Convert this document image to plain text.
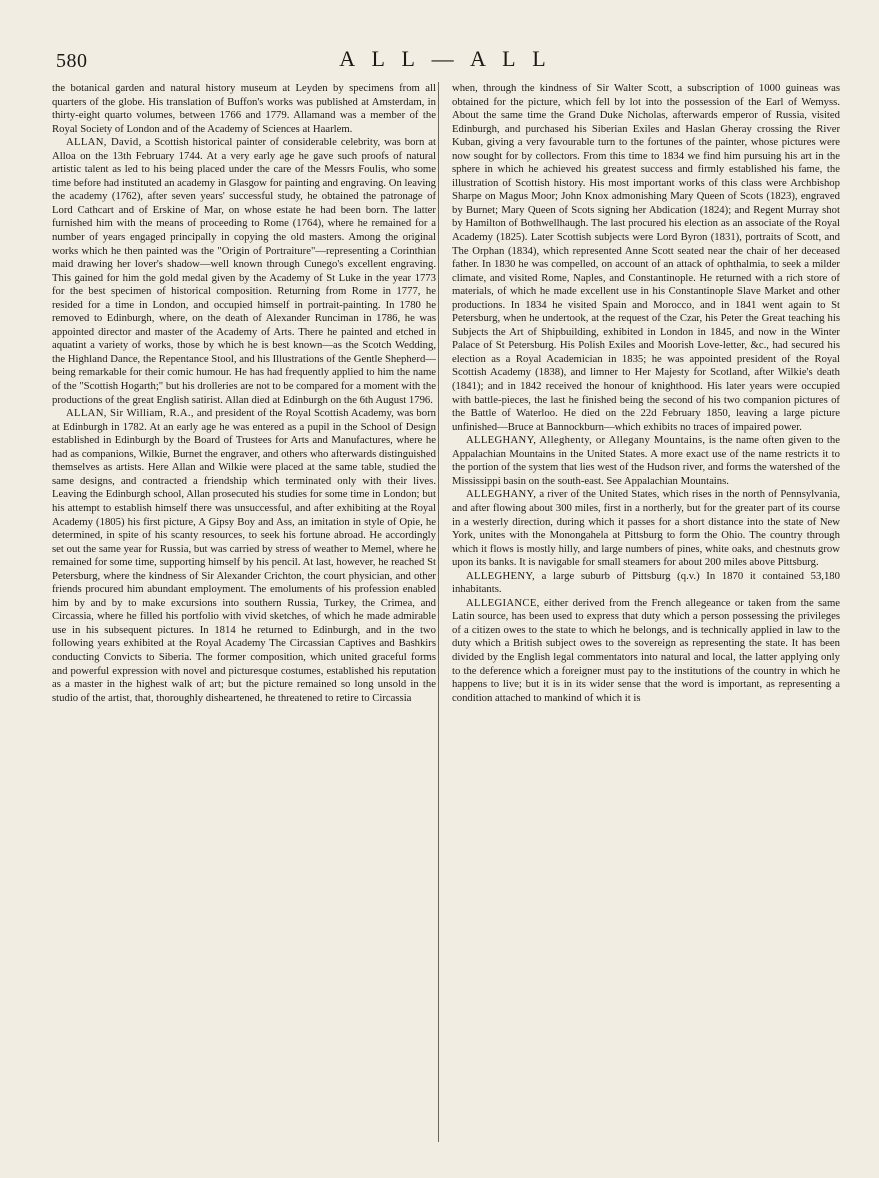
580	A L L — A L L

the botanical garden and natural history museum at Leyden by specimens from all quarters of the globe. His translation of Buffon's works was published at Amsterdam, in thirty-eight quarto volumes, between 1766 and 1779. Allamand was a member of the Royal Society of London and of the Academy of Sciences at Haarlem.

ALLAN, David, a Scottish historical painter of considerable celebrity, was born at Alloa on the 13th February 1744. At a very early age he gave such proofs of natural artistic talent as led to his being placed under the care of the Messrs Foulis, who some time before had instituted an academy in Glasgow for painting and engraving. On leaving the academy (1762), after seven years' successful study, he obtained the patronage of Lord Cathcart and of Erskine of Mar, on whose estate he had been born. The latter furnished him with the means of proceeding to Rome (1764), where he remained for a number of years engaged principally in copying the old masters. Among the original works which he then painted was the "Origin of Portraiture"—representing a Corinthian maid drawing her lover's shadow—well known through Cunego's excellent engraving. This gained for him the gold medal given by the Academy of St Luke in the year 1773 for the best specimen of historical composition. Returning from Rome in 1777, he resided for a time in London, and occupied himself in portrait-painting. In 1780 he removed to Edinburgh, where, on the death of Alexander Runciman in 1786, he was appointed director and master of the Academy of Arts. There he painted and etched in aquatint a variety of works, those by which he is best known—as the Scotch Wedding, the Highland Dance, the Repentance Stool, and his Illustrations of the Gentle Shepherd—being remarkable for their comic humour. He has had frequently applied to him the name of the "Scottish Hogarth;" but his drolleries are not to be compared for a moment with the productions of the great English satirist. Allan died at Edinburgh on the 6th August 1796.

ALLAN, Sir William, R.A., and president of the Royal Scottish Academy, was born at Edinburgh in 1782. At an early age he was entered as a pupil in the School of Design established in Edinburgh by the Board of Trustees for Arts and Manufactures, where he had as companions, Wilkie, Burnet the engraver, and others who afterwards distinguished themselves as artists. Here Allan and Wilkie were placed at the same table, studied the same designs, and contracted a friendship which terminated only with their lives. Leaving the Edinburgh school, Allan prosecuted his studies for some time in London; but his attempt to establish himself there was unsuccessful, and after exhibiting at the Royal Academy (1805) his first picture, A Gipsy Boy and Ass, an imitation in style of Opie, he determined, in spite of his scanty resources, to seek his fortune abroad. He accordingly set out the same year for Russia, but was carried by stress of weather to Memel, where he remained for some time, supporting himself by his pencil. At last, however, he reached St Petersburg, where the kindness of Sir Alexander Crichton, the court physician, and other friends procured him abundant employment. The emoluments of his profession enabled him by and by to make excursions into southern Russia, Turkey, the Crimea, and Circassia, where he filled his portfolio with vivid sketches, of which he made admirable use in his subsequent pictures. In 1814 he returned to Edinburgh, and in the two following years exhibited at the Royal Academy The Circassian Captives and Bashkirs conducting Convicts to Siberia. The former composition, which united graceful forms and powerful expression with novel and picturesque costumes, established his reputation as a master in the highest walk of art; but the picture remained so long unsold in the studio of the artist, that, thoroughly disheartened, he threatened to retire to Circassia

when, through the kindness of Sir Walter Scott, a subscription of 1000 guineas was obtained for the picture, which fell by lot into the possession of the Earl of Wemyss. About the same time the Grand Duke Nicholas, afterwards emperor of Russia, visited Edinburgh, and purchased his Siberian Exiles and Haslan Gheray crossing the River Kuban, giving a very favourable turn to the fortunes of the painter, whose pictures were now sought for by collectors. From this time to 1834 we find him pursuing his art in the sphere in which he achieved his greatest success and firmly established his fame, the illustration of Scottish history. His most important works of this class were Archbishop Sharpe on Magus Moor; John Knox admonishing Mary Queen of Scots (1823), engraved by Burnet; Mary Queen of Scots signing her Abdication (1824); and Regent Murray shot by Hamilton of Bothwellhaugh. The last procured his election as an associate of the Royal Academy (1825). Later Scottish subjects were Lord Byron (1831), portraits of Scott, and The Orphan (1834), which represented Anne Scott seated near the chair of her deceased father. In 1830 he was compelled, on account of an attack of ophthalmia, to seek a milder climate, and visited Rome, Naples, and Constantinople. He returned with a rich store of materials, of which he made excellent use in his Constantinople Slave Market and other productions. In 1834 he visited Spain and Morocco, and in 1841 went again to St Petersburg, when he undertook, at the request of the Czar, his Peter the Great teaching his Subjects the Art of Shipbuilding, exhibited in London in 1845, and now in the Winter Palace of St Petersburg. His Polish Exiles and Moorish Love-letter, &c., had secured his election as a Royal Academician in 1835; he was appointed president of the Royal Scottish Academy (1838), and limner to Her Majesty for Scotland, after Wilkie's death (1841); and in 1842 received the honour of knighthood. His later years were occupied with battle-pieces, the last he finished being the second of his two companion pictures of the Battle of Waterloo. He died on the 22d February 1850, leaving a large picture unfinished—Bruce at Bannockburn—which exhibits no traces of impaired power.

ALLEGHANY, Alleghenty, or Allegany Mountains, is the name often given to the Appalachian Mountains in the United States. A more exact use of the name restricts it to the portion of the system that lies west of the Hudson river, and forms the watershed of the Mississippi basin on the south-east. See Appalachian Mountains.

ALLEGHANY, a river of the United States, which rises in the north of Pennsylvania, and after flowing about 300 miles, first in a northerly, but for the greater part of its course in a westerly direction, during which it passes for a short distance into the state of New York, unites with the Monongahela at Pittsburg to form the Ohio. The country through which it flows is mostly hilly, and large numbers of pines, white oaks, and chestnuts grow upon its banks. It is navigable for small steamers for about 200 miles above Pittsburg.

ALLEGHENY, a large suburb of Pittsburg (q.v.) In 1870 it contained 53,180 inhabitants.

ALLEGIANCE, either derived from the French allegeance or taken from the same Latin source, has been used to express that duty which a person possessing the privileges of a citizen owes to the state to which he belongs, and is technically applied in law to the duty which a British subject owes to the sovereign as representing the state. It has been divided by the English legal commentators into natural and local, the latter applying only to the deference which a foreigner must pay to the institutions of the country in which he happens to live; but it is in its wider sense that the word is important, as representing a condition attached to mankind of which it is
